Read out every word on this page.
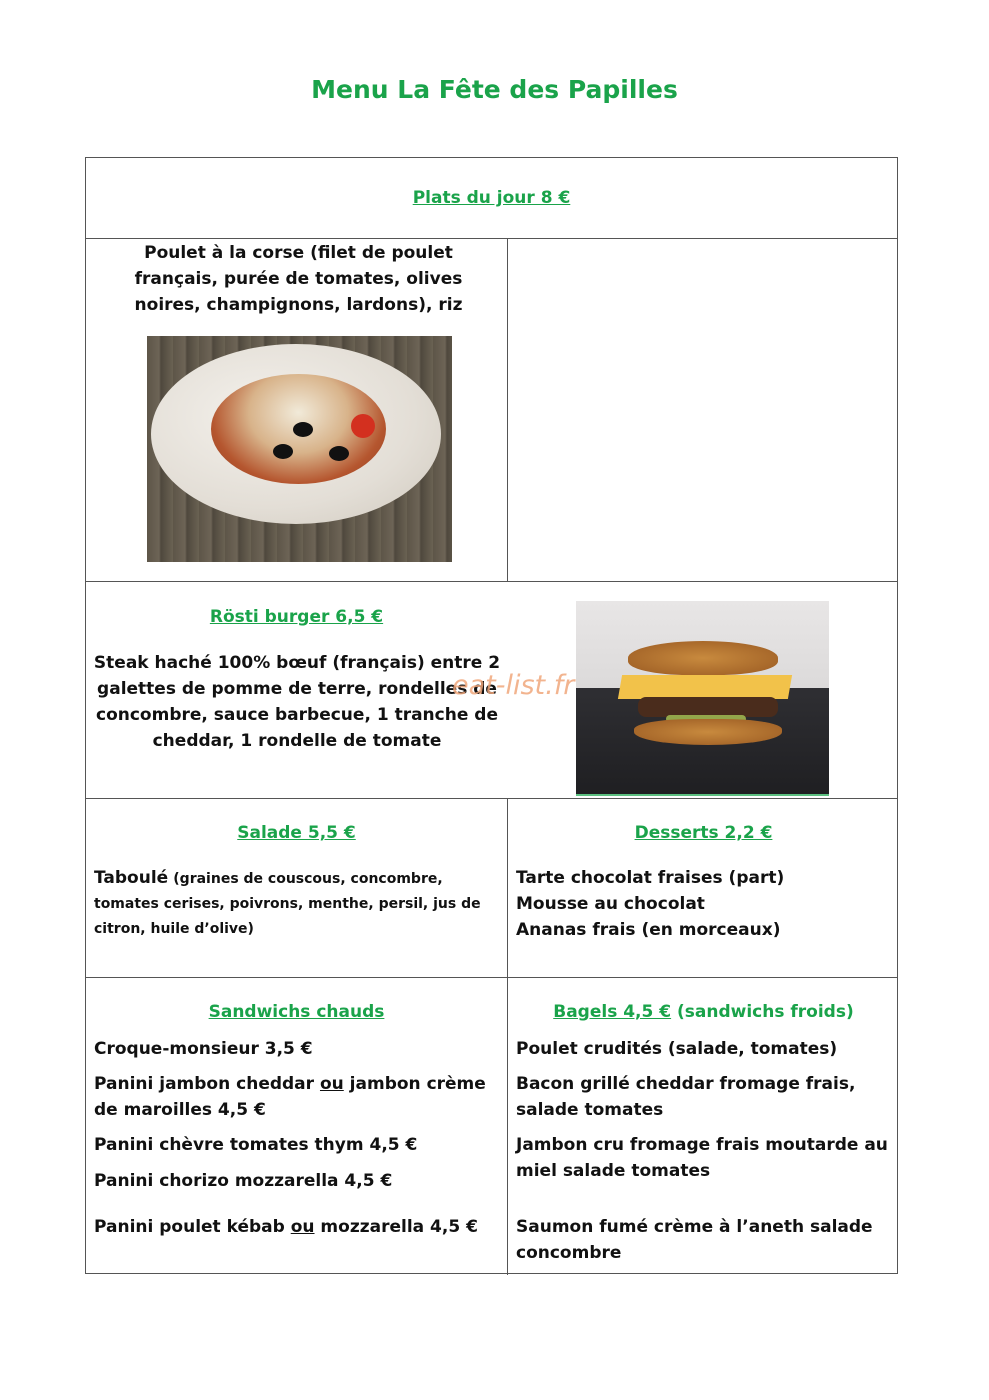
Menu La Fête des Papilles
Plats du jour 8 €
Poulet à la corse (filet de poulet français, purée de tomates, olives noires, champignons, lardons), riz
Rösti burger 6,5 €
Steak haché 100% bœuf (français) entre 2 galettes de pomme de terre, rondelles de concombre, sauce barbecue, 1 tranche de cheddar, 1 rondelle de tomate
Salade 5,5 €
Taboulé (graines de couscous, concombre, tomates cerises, poivrons, menthe, persil, jus de citron, huile d’olive)
Desserts 2,2 €
Tarte chocolat fraises (part)
Mousse au chocolat
Ananas frais (en morceaux)
Sandwichs chauds
Croque-monsieur 3,5 €
Panini jambon cheddar ou jambon crème de maroilles 4,5 €
Panini chèvre tomates thym 4,5 €
Panini chorizo mozzarella 4,5 €
Panini poulet kébab ou mozzarella 4,5 €
Bagels 4,5 € (sandwichs froids)
Poulet crudités (salade, tomates)
Bacon grillé cheddar fromage frais, salade tomates
Jambon cru fromage frais moutarde au miel salade tomates
Saumon fumé crème à l’aneth salade concombre
eat-list.fr
